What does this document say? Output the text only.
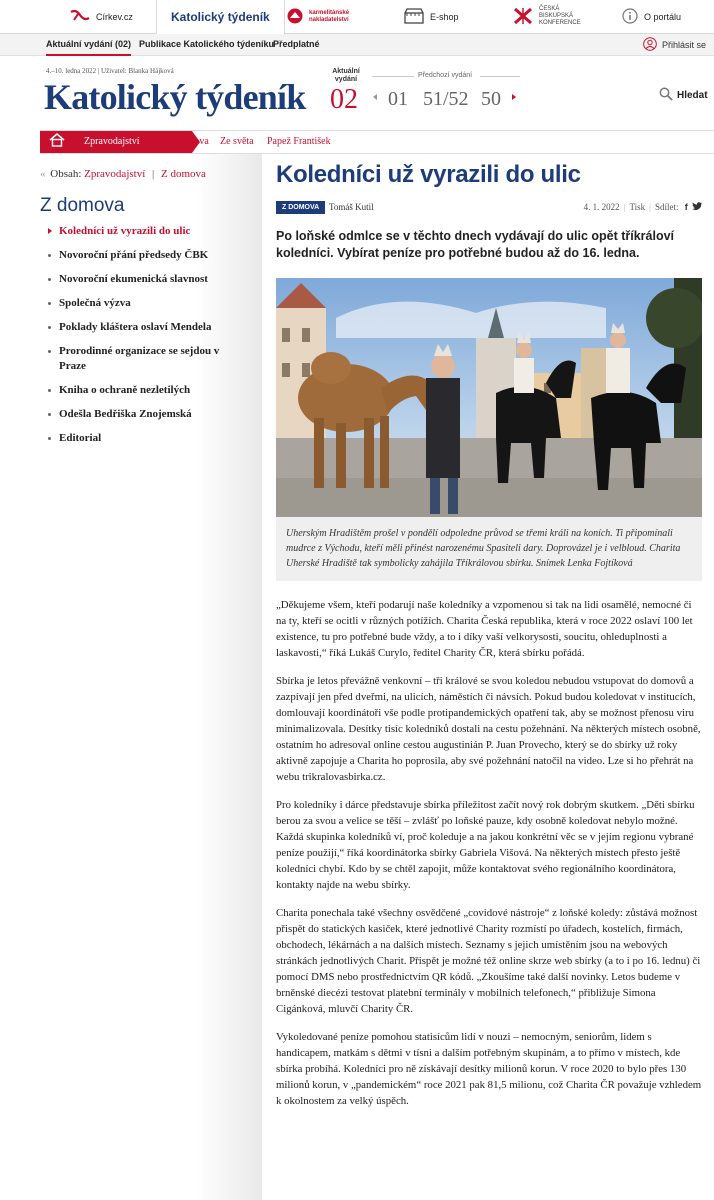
Církev.cz	Katolický týdeník	karmelitánské
nakladatelství	E-shop
ČESKÁ
BISKUPSKÁ
KONFERENCE
O portálu
Aktuální vydání (02) Publikace Katolického týdeníku
Předplatné	Přihlásit se
4.–10. ledna 2022 | Uživatel: Blanka Hájková
Katolický týdeník
Aktuální
vydání
02
Předchozí vydání
01 51/52 50	Hledat
Zpravodajství	Z domova Ze světa Papež František
« Obsah: Zpravodajství | Z domova
Z domova
Koledníci už vyrazili do ulic
Novoroční přání předsedy ČBK
Novoroční ekumenická slavnost
Společná výzva
Poklady kláštera oslaví Mendela
Prorodinné organizace se sejdou v Praze
Kniha o ochraně nezletilých
Odešla Bedřiška Znojemská
Editorial
Koledníci už vyrazili do ulic
Z DOMOVA	Tomáš Kutil	4. 1. 2022 | Tisk | Sdílet: f

Po loňské odmlce se v těchto dnech vydávají do ulic opět tříkráloví koledníci. Vybírat peníze pro potřebné budou až do 16. ledna.

Uherským Hradištěm prošel v pondělí odpoledne průvod se třemi králi na koních. Ti připomínali mudrce z Východu, kteří měli přinést narozenému Spasiteli dary. Doprovázel je i velbloud. Charita Uherské Hradiště tak symbolicky zahájila Tříkrálovou sbírku. Snímek Lenka Fojtíková

„Děkujeme všem, kteří podarují naše koledníky a vzpomenou si tak na lidi osamělé, nemocné či na ty, kteří se ocitli v různých potížích. Charita Česká republika, která v roce 2022 oslaví 100 let existence, tu pro potřebné bude vždy, a to i díky vaší velkorysosti, soucitu, ohleduplnosti a laskavosti,“ říká Lukáš Curylo, ředitel Charity ČR, která sbírku pořádá.

Sbírka je letos převážně venkovní – tři králové se svou koledou nebudou vstupovat do domovů a zazpívají jen před dveřmi, na ulicích, náměstích či návsích. Pokud budou koledovat v institucích, domlouvají koordinátoři vše podle protipandemických opatření tak, aby se možnost přenosu viru minimalizovala. Desítky tisíc koledníků dostali na cestu požehnání. Na některých místech osobně, ostatním ho adresoval online cestou augustinián P. Juan Provecho, který se do sbírky už roky aktivně zapojuje a Charita ho poprosila, aby své požehnání natočil na video. Lze si ho přehrát na webu trikralovasbirka.cz.

Pro koledníky i dárce představuje sbírka příležitost začít nový rok dobrým skutkem. „Děti sbírku berou za svou a velice se těší – zvlášť po loňské pauze, kdy osobně koledovat nebylo možné. Každá skupinka koledníků ví, proč koleduje a na jakou konkrétní věc se v jejím regionu vybrané peníze použijí,“ říká koordinátorka sbírky Gabriela Višová. Na některých místech přesto ještě koledníci chybí. Kdo by se chtěl zapojit, může kontaktovat svého regionálního koordinátora, kontakty najde na webu sbírky.

Charita ponechala také všechny osvědčené „covidové nástroje“ z loňské koledy: zůstává možnost přispět do statických kasiček, které jednotlivé Charity rozmístí po úřadech, kostelích, firmách, obchodech, lékárnách a na dalších místech. Seznamy s jejich umístěním jsou na webových stránkách jednotlivých Charit. Přispět je možné též online skrze web sbírky (a to i po 16. lednu) či pomocí DMS nebo prostřednictvím QR kódů. „Zkoušíme také další novinky. Letos budeme v brněnské diecézi testovat platební terminály v mobilních telefonech,“ přibližuje Simona Cigánková, mluvčí Charity ČR.

Vykoledované peníze pomohou statisícům lidí v nouzi – nemocným, seniorům, lidem s handicapem, matkám s dětmi v tísni a dalším potřebným skupinám, a to přímo v místech, kde sbírka probíhá. Koledníci pro ně získávají desítky milionů korun. V roce 2020 to bylo přes 130 milionů korun, v „pandemickém“ roce 2021 pak 81,5 milionu, což Charita ČR považuje vzhledem k okolnostem za velký úspěch.
